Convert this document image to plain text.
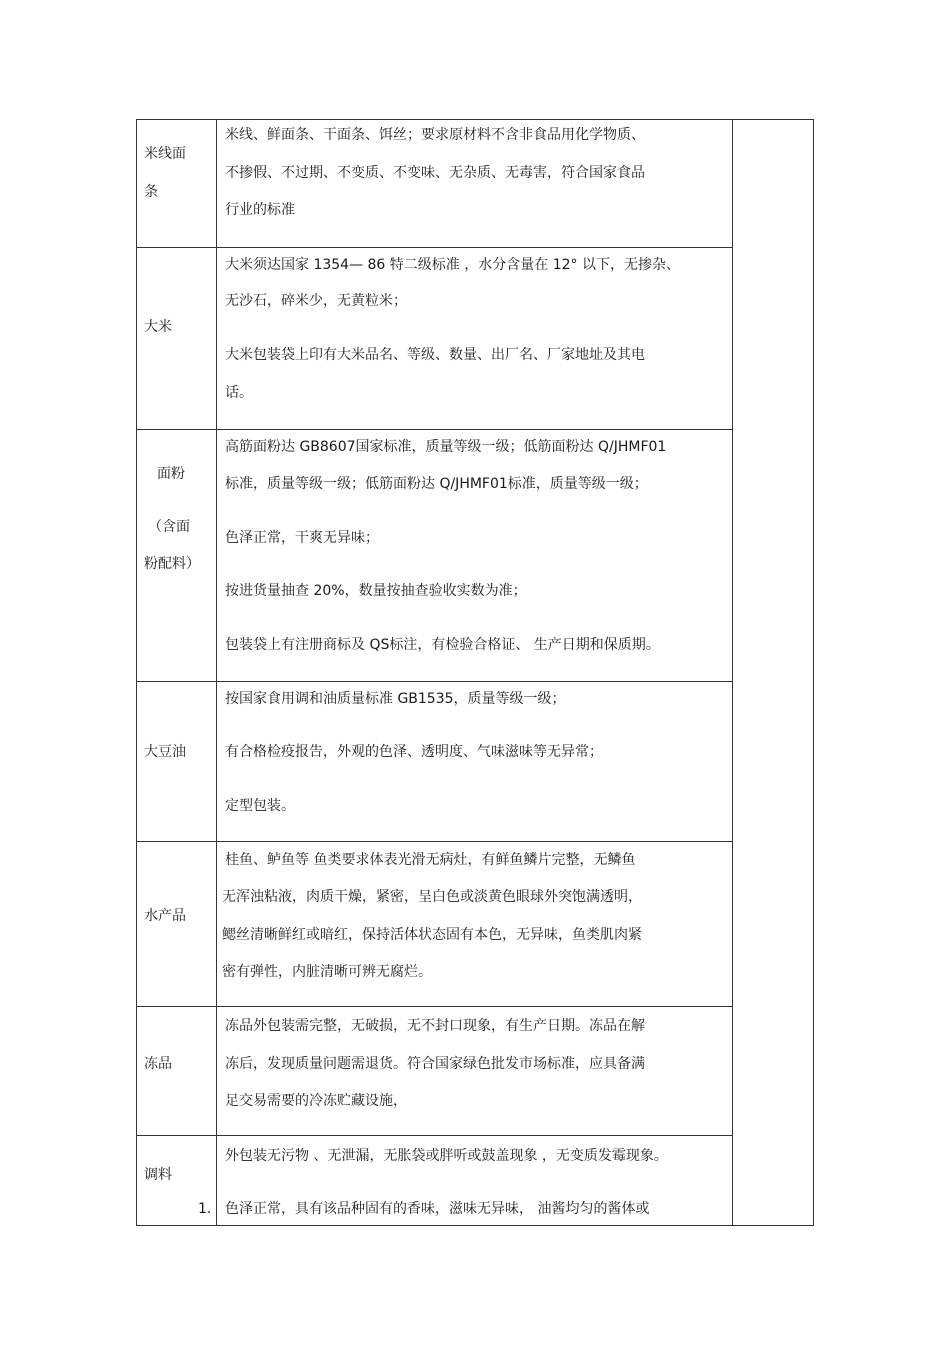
米线面
条
米线、鲜面条、干面条、饵丝；要求原材料不含非食品用化学物质、
不掺假、不过期、不变质、不变味、无杂质、无毒害，符合国家食品
行业的标准
大米
大米须达国家 1354— 86 特二级标准 ，水分含量在 12° 以下，无掺杂、
无沙石，碎米少，无黄粒米；
大米包装袋上印有大米品名、等级、数量、出厂名、厂家地址及其电
话。
面粉
（含面
粉配料）
高筋面粉达 GB8607国家标准，质量等级一级；低筋面粉达 Q/JHMF01
标准，质量等级一级；低筋面粉达 Q/JHMF01标准，质量等级一级；
色泽正常，干爽无异味；
按进货量抽查 20%，数量按抽查验收实数为准；
包装袋上有注册商标及 QS标注，有检验合格证、 生产日期和保质期。
大豆油
按国家食用调和油质量标准 GB1535，质量等级一级；
有合格检疫报告，外观的色泽、透明度、气味滋味等无异常；
定型包装。
水产品
桂鱼、鲈鱼等 鱼类要求体表光滑无病灶，有鲜鱼鳞片完整，无鳞鱼
无浑浊粘液，肉质干燥，紧密，呈白色或淡黄色眼球外突饱满透明，
鳃丝清晰鲜红或暗红，保持活体状态固有本色，无异味，鱼类肌肉紧
密有弹性，内脏清晰可辨无腐烂。
冻品
冻品外包装需完整，无破损，无不封口现象，有生产日期。冻品在解
冻后，发现质量问题需退货。符合国家绿色批发市场标准，应具备满
足交易需要的冷冻贮藏设施，
调料
1.
外包装无污物 、无泄漏，无胀袋或胖听或鼓盖现象 ，无变质发霉现象。
色泽正常，具有该品种固有的香味，滋味无异味， 油酱均匀的酱体或
